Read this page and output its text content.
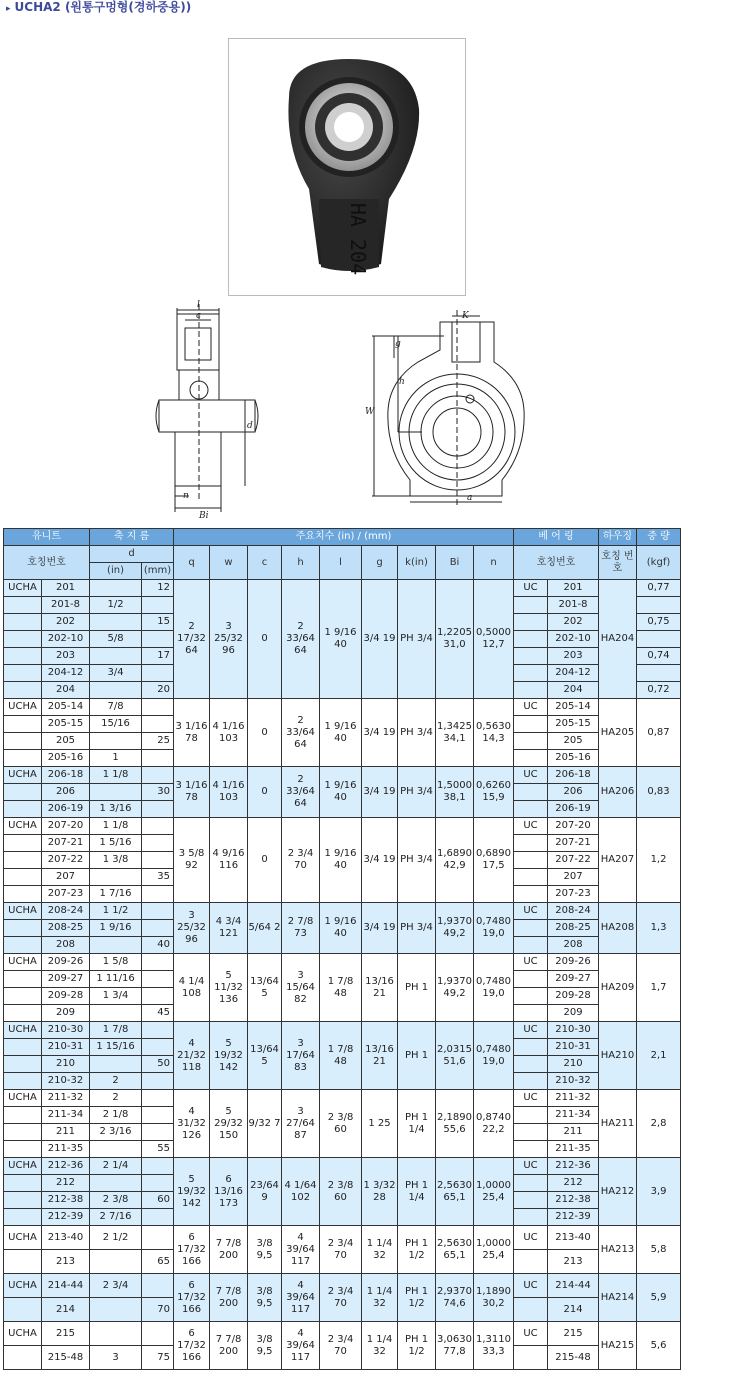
▸ UCHA2 (원통구멍형(경하중용))
HA 204
l
c
d
n
Bi
K
g
h
W
a
유니트		축 지 름		주요치수 (in) / (mm)									베 어 링		하우징	중 량
호칭번호		d		q	w	c	h	l	g	k(in)	Bi	n	호칭번호		호칭 번호	(kgf)
		(in)	(mm)													
UCHA	201		12	2 17/32 64	3 25/32 96	0	2 33/64 64	1 9/16 40	3/4 19	PH 3/4	1,2205 31,0	0,5000 12,7	UC	201	HA204	0,77
	201-8	1/2												201-8		
	202		15											202		0,75
	202-10	5/8												202-10		
	203		17											203		0,74
	204-12	3/4												204-12		
	204		20											204		0,72
UCHA	205-14	7/8		3 1/16 78	4 1/16 103	0	2 33/64 64	1 9/16 40	3/4 19	PH 3/4	1,3425 34,1	0,5630 14,3	UC	205-14	HA205	0,87
	205-15	15/16												205-15		
	205		25											205		
	205-16	1												205-16		
UCHA	206-18	1 1/8		3 1/16 78	4 1/16 103	0	2 33/64 64	1 9/16 40	3/4 19	PH 3/4	1,5000 38,1	0,6260 15,9	UC	206-18	HA206	0,83
	206		30											206		
	206-19	1 3/16												206-19		
UCHA	207-20	1 1/8		3 5/8 92	4 9/16 116	0	2 3/4 70	1 9/16 40	3/4 19	PH 3/4	1,6890 42,9	0,6890 17,5	UC	207-20	HA207	1,2
	207-21	1 5/16												207-21		
	207-22	1 3/8												207-22		
	207		35											207		
	207-23	1 7/16												207-23		
UCHA	208-24	1 1/2		3 25/32 96	4 3/4 121	5/64 2	2 7/8 73	1 9/16 40	3/4 19	PH 3/4	1,9370 49,2	0,7480 19,0	UC	208-24	HA208	1,3
	208-25	1 9/16												208-25		
	208		40											208		
UCHA	209-26	1 5/8		4 1/4 108	5 11/32 136	13/64 5	3 15/64 82	1 7/8 48	13/16 21	PH 1	1,9370 49,2	0,7480 19,0	UC	209-26	HA209	1,7
	209-27	1 11/16												209-27		
	209-28	1 3/4												209-28		
	209		45											209		
UCHA	210-30	1 7/8		4 21/32 118	5 19/32 142	13/64 5	3 17/64 83	1 7/8 48	13/16 21	PH 1	2,0315 51,6	0,7480 19,0	UC	210-30	HA210	2,1
	210-31	1 15/16												210-31		
	210		50											210		
	210-32	2												210-32		
UCHA	211-32	2		4 31/32 126	5 29/32 150	9/32 7	3 27/64 87	2 3/8 60	1 25	PH 1 1/4	2,1890 55,6	0,8740 22,2	UC	211-32	HA211	2,8
	211-34	2 1/8												211-34		
	211	2 3/16												211		
	211-35		55											211-35		
UCHA	212-36	2 1/4		5 19/32 142	6 13/16 173	23/64 9	4 1/64 102	2 3/8 60	1 3/32 28	PH 1 1/4	2,5630 65,1	1,0000 25,4	UC	212-36	HA212	3,9
	212													212		
	212-38	2 3/8	60											212-38		
	212-39	2 7/16												212-39		
UCHA	213-40	2 1/2		6 17/32 166	7 7/8 200	3/8 9,5	4 39/64 117	2 3/4 70	1 1/4 32	PH 1 1/2	2,5630 65,1	1,0000 25,4	UC	213-40	HA213	5,8
	213		65											213		
UCHA	214-44	2 3/4		6 17/32 166	7 7/8 200	3/8 9,5	4 39/64 117	2 3/4 70	1 1/4 32	PH 1 1/2	2,9370 74,6	1,1890 30,2	UC	214-44	HA214	5,9
	214		70											214		
UCHA	215			6 17/32 166	7 7/8 200	3/8 9,5	4 39/64 117	2 3/4 70	1 1/4 32	PH 1 1/2	3,0630 77,8	1,3110 33,3	UC	215	HA215	5,6
	215-48	3	75											215-48		
